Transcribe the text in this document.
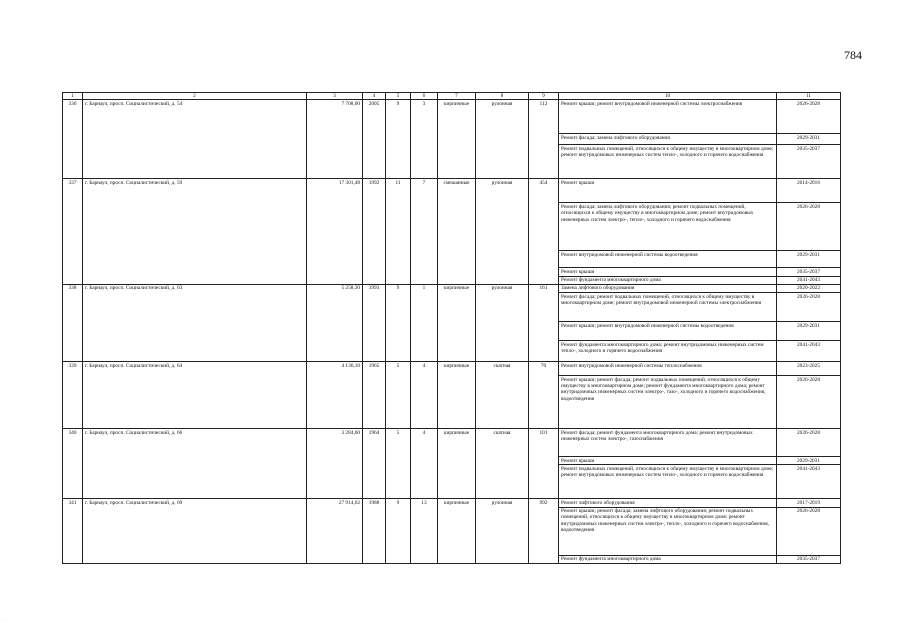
784
1	2	3	4	5	6	7	8	9	10	11
336	г. Барнаул, просп. Социалистический, д. 54	7 708,00	2005	9	3	кирпичные	рулонная	112	Ремонт крыши; ремонт внутридомовой инженерной системы электроснабжения	2026-2028
									Ремонт фасада; замена лифтового оборудования	2029-2031
									Ремонт подвальных помещений, относящихся к общему имуществу в многоквартирном доме; ремонт внутридомовых инженерных систем тепло-, холодного и горячего водоснабжения	2035-2037
337	г. Барнаул, просп. Социалистический, д. 59	17 301,48	1992	11	7	смешанные	рулонная	454	Ремонт крыши	2014-2016
									Ремонт фасада; замена лифтового оборудования; ремонт подвальных помещений, относящихся к общему имуществу в многоквартирном доме; ремонт внутридомовых инженерных систем электро-, тепло-, холодного и горячего водоснабжения	2026-2028
									Ремонт внутридомовой инженерной системы водоотведения	2029-2031
									Ремонт крыши	2035-2037
									Ремонт фундамента многоквартирного дома	2041-2043
338	г. Барнаул, просп. Социалистический, д. 63	5 258,30	1993	9	1	кирпичные	рулонная	161	Замена лифтового оборудования	2020-2022
									Ремонт фасада; ремонт подвальных помещений, относящихся к общему имуществу в многоквартирном доме; ремонт внутридомовой инженерной системы электроснабжения	2026-2028
									Ремонт крыши; ремонт внутридомовой инженерной системы водоотведения	2029-2031
									Ремонт фундамента многоквартирного дома; ремонт внутридомовых инженерных систем тепло-, холодного и горячего водоснабжения	2041-2043
339	г. Барнаул, просп. Социалистический, д. 64	4 136,10	1965	5	4	кирпичные	скатная	70	Ремонт внутридомовой инженерной системы теплоснабжения	2023-2025
									Ремонт крыши; ремонт фасада; ремонт подвальных помещений, относящихся к общему имуществу в многоквартирном доме; ремонт фундамента многоквартирного дома; ремонт внутридомовых инженерных систем электро-, газо-, холодного и горячего водоснабжения, водоотведения	2026-2028
340	г. Барнаул, просп. Социалистический, д. 66	3 284,60	1964	5	4	кирпичные	скатная	101	Ремонт фасада; ремонт фундамента многоквартирного дома; ремонт внутридомовых инженерных систем электро-, газоснабжения	2026-2028
									Ремонт крыши	2029-2031
									Ремонт подвальных помещений, относящихся к общему имуществу в многоквартирном доме; ремонт внутридомовых инженерных систем тепло-, холодного и горячего водоснабжения	2041-2043
341	г. Барнаул, просп. Социалистический, д. 69	27 914,62	1988	9	13	кирпичные	рулонная	992	Ремонт лифтового оборудования	2017-2019
									Ремонт крыши; ремонт фасада; замена лифтового оборудования; ремонт подвальных помещений, относящихся к общему имуществу в многоквартирном доме; ремонт внутридомовых инженерных систем электро-, тепло-, холодного и горячего водоснабжения, водоотведения	2026-2028
									Ремонт фундамента многоквартирного дома	2035-2037
·
